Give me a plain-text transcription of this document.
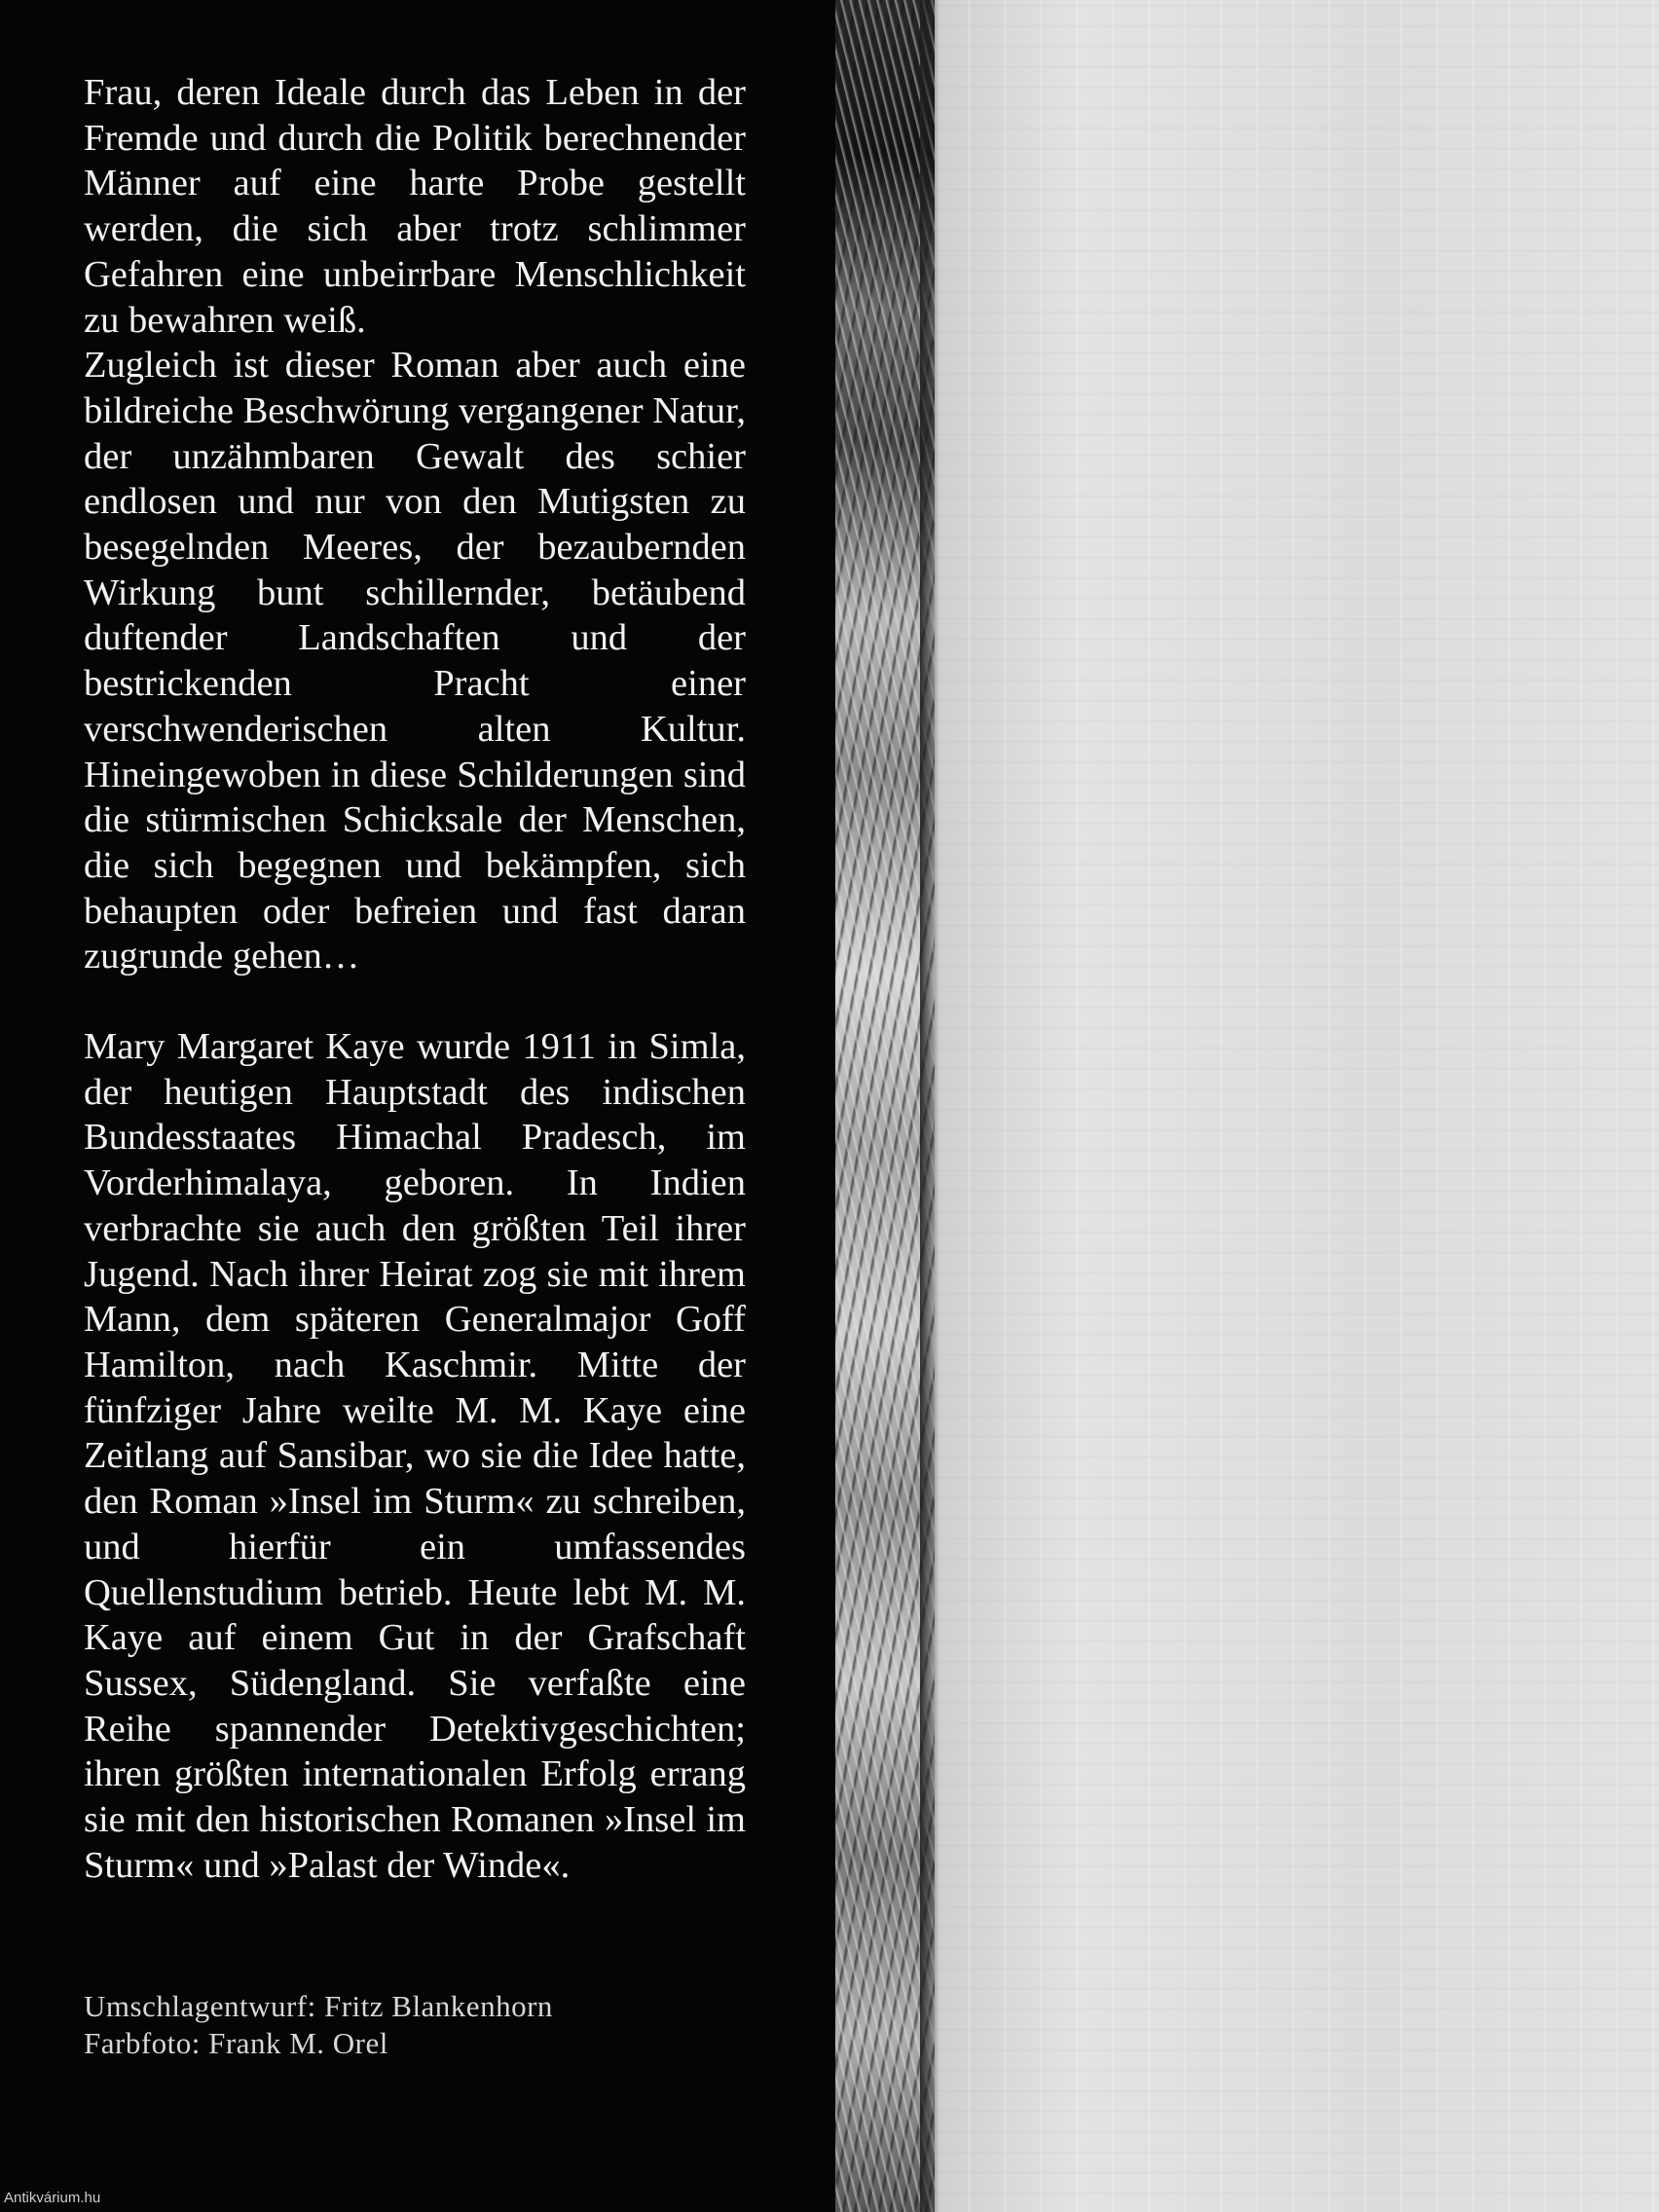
Frau, deren Ideale durch das Leben in der Fremde und durch die Politik berechnender Männer auf eine harte Probe gestellt werden, die sich aber trotz schlimmer Gefahren eine unbeirrbare Menschlichkeit zu bewahren weiß.

Zugleich ist dieser Roman aber auch eine bildreiche Beschwörung vergangener Natur, der unzähmbaren Gewalt des schier endlosen und nur von den Mutigsten zu besegelnden Meeres, der bezaubernden Wirkung bunt schillernder, betäubend duftender Landschaften und der bestrickenden Pracht einer verschwenderischen alten Kultur. Hineingewoben in diese Schilderungen sind die stürmischen Schicksale der Menschen, die sich begegnen und bekämpfen, sich behaupten oder befreien und fast daran zugrunde gehen…

Mary Margaret Kaye wurde 1911 in Simla, der heutigen Hauptstadt des indischen Bundesstaates Himachal Pradesch, im Vorderhimalaya, geboren. In Indien verbrachte sie auch den größten Teil ihrer Jugend. Nach ihrer Heirat zog sie mit ihrem Mann, dem späteren Generalmajor Goff Hamilton, nach Kaschmir. Mitte der fünfziger Jahre weilte M. M. Kaye eine Zeitlang auf Sansibar, wo sie die Idee hatte, den Roman »Insel im Sturm« zu schreiben, und hierfür ein umfassendes Quellenstudium betrieb. Heute lebt M. M. Kaye auf einem Gut in der Grafschaft Sussex, Südengland. Sie verfaßte eine Reihe spannender Detektivgeschichten; ihren größten internationalen Erfolg errang sie mit den historischen Romanen »Insel im Sturm« und »Palast der Winde«.

Umschlagentwurf: Fritz Blankenhorn
Farbfoto: Frank M. Orel
Antikvárium.hu
